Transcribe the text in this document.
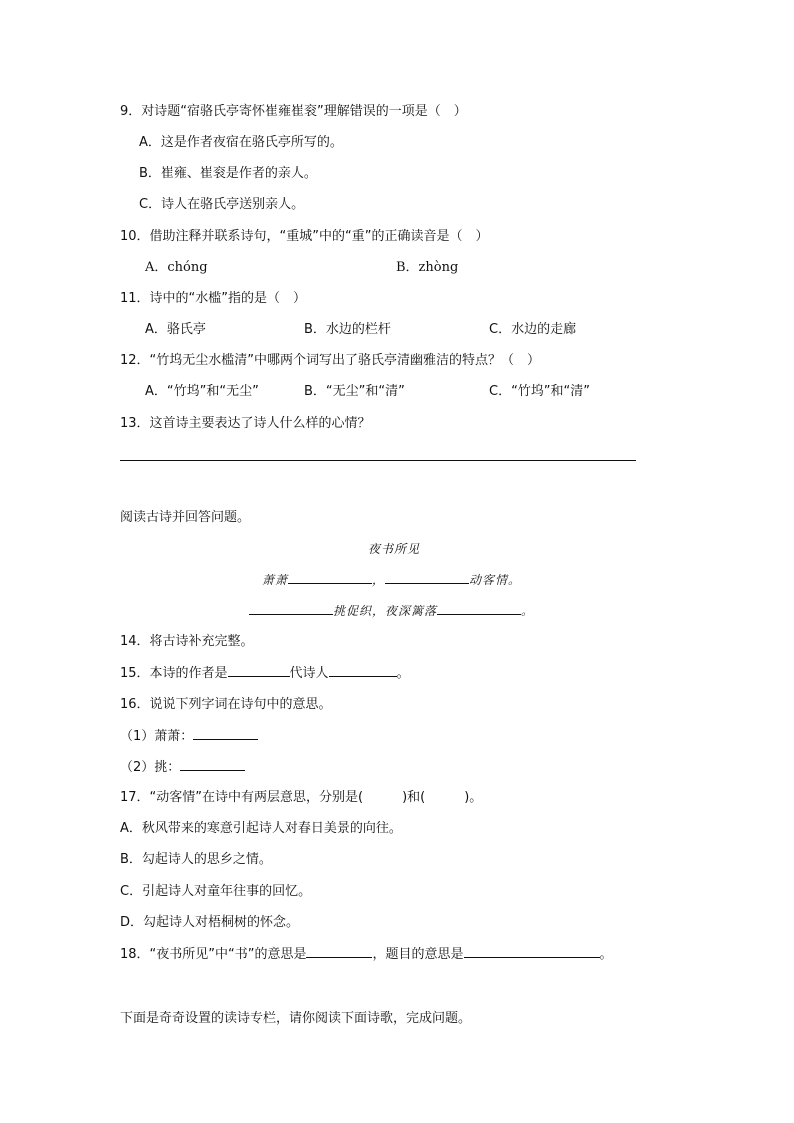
9．对诗题“宿骆氏亭寄怀崔雍崔衮”理解错误的一项是（　）
A．这是作者夜宿在骆氏亭所写的。
B．崔雍、崔衮是作者的亲人。
C．诗人在骆氏亭送别亲人。
10．借助注释并联系诗句，“重城”中的“重”的正确读音是（　）
A．chóng	B．zhòng
11．诗中的“水槛”指的是（　）
A．骆氏亭	B．水边的栏杆	C．水边的走廊
12．“竹坞无尘水槛清”中哪两个词写出了骆氏亭清幽雅洁的特点？（　）
A．“竹坞”和“无尘”	B．“无尘”和“清”	C．“竹坞”和“清”
13．这首诗主要表达了诗人什么样的心情？
阅读古诗并回答问题。
夜书所见
萧萧	，	动客情。
挑促织，夜深篱落	。
14．将古诗补充完整。
15．本诗的作者是	代诗人	。
16．说说下列字词在诗句中的意思。
（1）萧萧：
（2）挑：
17．“动客情”在诗中有两层意思，分别是(　　　)和(　　　)。
A．秋风带来的寒意引起诗人对春日美景的向往。
B．勾起诗人的思乡之情。
C．引起诗人对童年往事的回忆。
D．勾起诗人对梧桐树的怀念。
18．“夜书所见”中“书”的意思是	，题目的意思是	。
下面是奇奇设置的读诗专栏，请你阅读下面诗歌，完成问题。
